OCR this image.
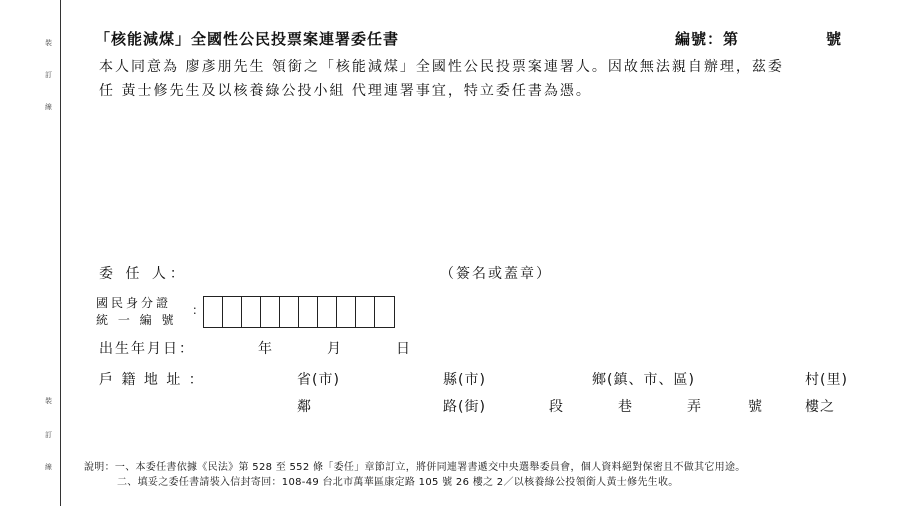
裝
訂
線
裝
訂
線
「核能減煤」全國性公民投票案連署委任書	編號：第	號
本人同意為 廖彥朋先生 領銜之「核能減煤」全國性公民投票案連署人。因故無法親自辦理，茲委
任 黃士修先生及以核養綠公投小組 代理連署事宜，特立委任書為憑。
委 任 人：	（簽名或蓋章）
國民身分證
統 一 編 號
：
出生年月日：	年	月	日
戶 籍 地 址 ：	省(市)	縣(市)	鄉(鎮、市、區)	村(里)
鄰	路(街)	段	巷	弄	號	樓之
說明：一、本委任書依據《民法》第 528 至 552 條「委任」章節訂立，將併同連署書遞交中央選舉委員會，個人資料絕對保密且不做其它用途。
二、填妥之委任書請裝入信封寄回：108-49 台北市萬華區康定路 105 號 26 樓之 2／以核養綠公投領銜人黃士修先生收。
